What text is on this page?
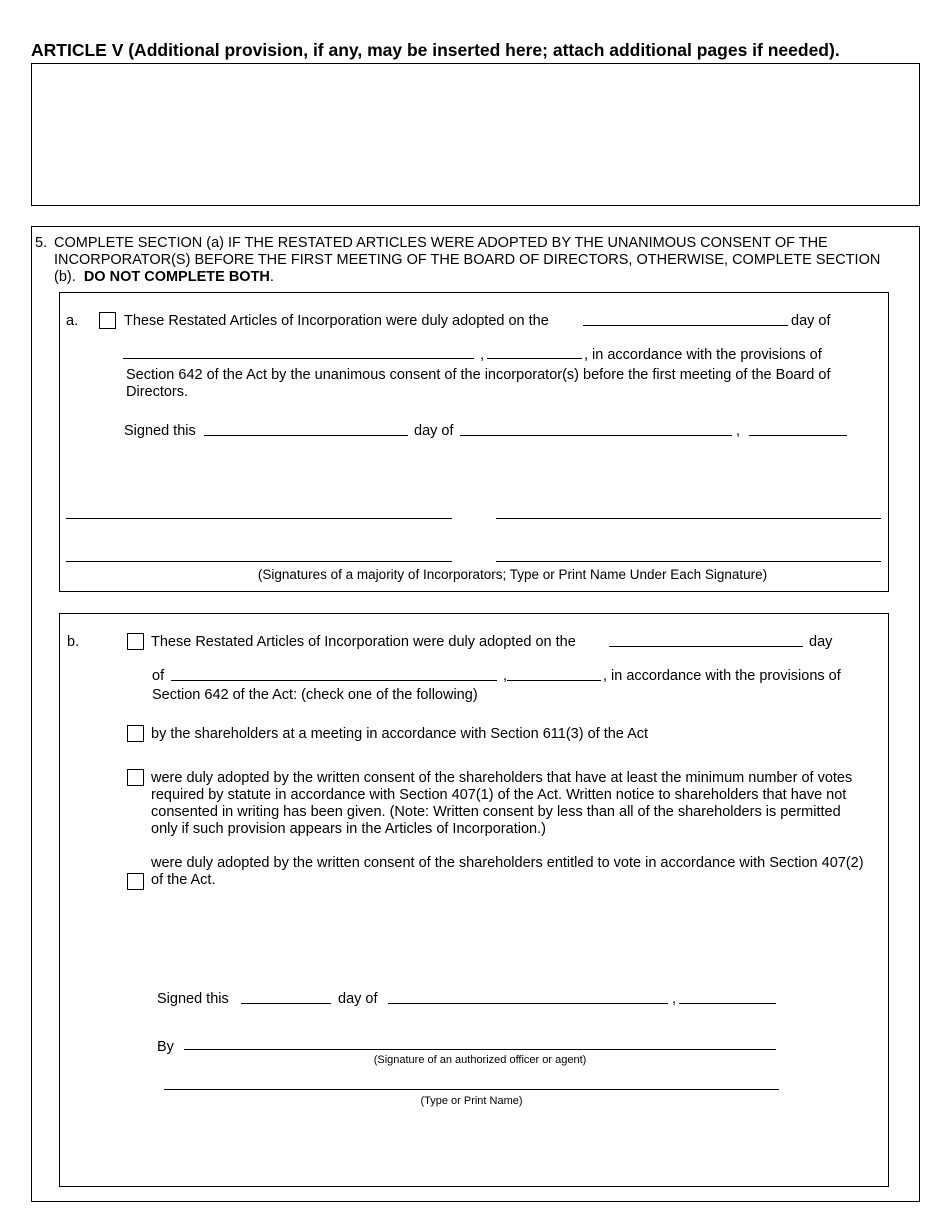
ARTICLE V (Additional provision, if any, may be inserted here; attach additional pages if needed).
5. COMPLETE SECTION (a) IF THE RESTATED ARTICLES WERE ADOPTED BY THE UNANIMOUS CONSENT OF THE INCORPORATOR(S) BEFORE THE FIRST MEETING OF THE BOARD OF DIRECTORS, OTHERWISE, COMPLETE SECTION (b). DO NOT COMPLETE BOTH.
a.	These Restated Articles of Incorporation were duly adopted on the	day of
,	, in accordance with the provisions of
Section 642 of the Act by the unanimous consent of the incorporator(s) before the first meeting of the Board of Directors.
Signed this	day of	,
(Signatures of a majority of Incorporators; Type or Print Name Under Each Signature)
b.	These Restated Articles of Incorporation were duly adopted on the	day
of	,	, in accordance with the provisions of
Section 642 of the Act: (check one of the following)
by the shareholders at a meeting in accordance with Section 611(3) of the Act
were duly adopted by the written consent of the shareholders that have at least the minimum number of votes required by statute in accordance with Section 407(1) of the Act. Written notice to shareholders that have not consented in writing has been given. (Note: Written consent by less than all of the shareholders is permitted only if such provision appears in the Articles of Incorporation.)
were duly adopted by the written consent of the shareholders entitled to vote in accordance with Section 407(2) of the Act.
Signed this	day of	,
By
(Signature of an authorized officer or agent)
(Type or Print Name)
